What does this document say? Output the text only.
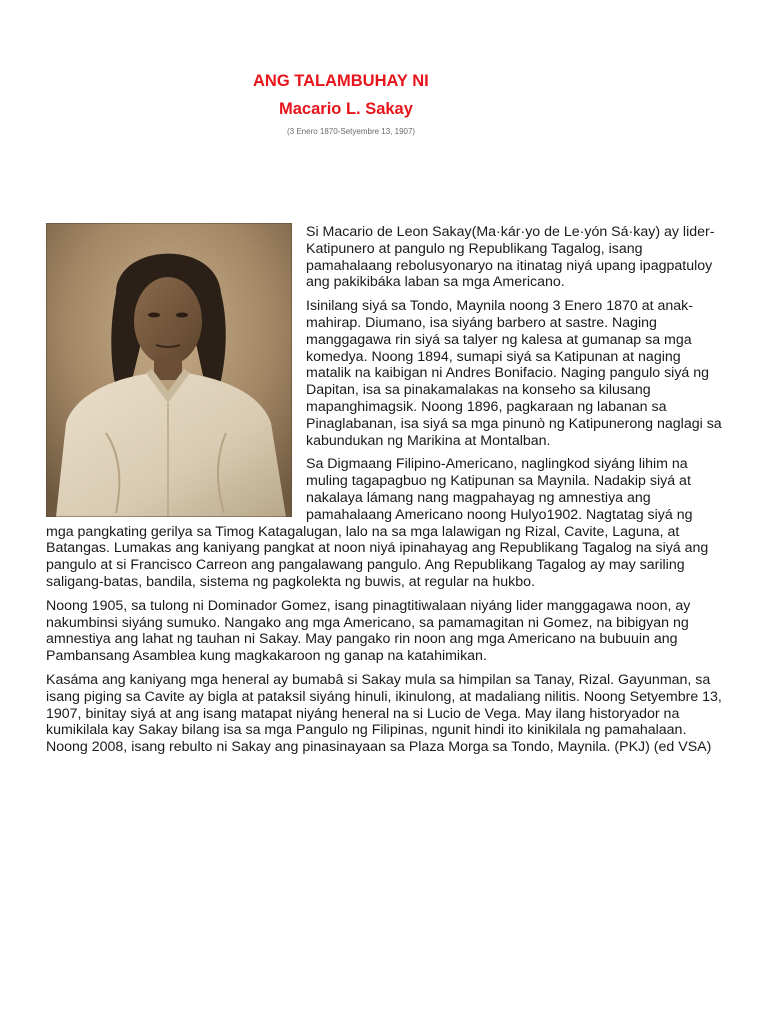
ANG TALAMBUHAY NI
Macario L. Sakay
(3 Enero 1870-Setyembre 13, 1907)

Si Macario de Leon Sakay(Ma·kár·yo de Le·yón Sá·kay) ay lider- Katipunero at pangulo ng Republikang Tagalog, isang pamahalaang rebolusyonaryo na itinatag niyá upang ipagpatuloy ang pakikibáka laban sa mga Americano.

Isinilang siyá sa Tondo, Maynila noong 3 Enero 1870 at anak-mahirap. Diumano, isa siyáng barbero at sastre. Naging manggagawa rin siyá sa talyer ng kalesa at gumanap sa mga komedya. Noong 1894, sumapi siyá sa Katipunan at naging matalik na kaibigan ni Andres Bonifacio. Naging pangulo siyá ng Dapitan, isa sa pinakamalakas na konseho sa kilusang mapanghimagsik. Noong 1896, pagkaraan ng labanan sa Pinaglabanan, isa siyá sa mga pinunò ng Katipunerong naglagi sa kabundukan ng Marikina at Montalban.

Sa Digmaang Filipino-Americano, naglingkod siyáng lihim na muling tagapagbuo ng Katipunan sa Maynila. Nadakip siyá at nakalaya lámang nang magpahayag ng amnestiya ang pamahalaang Americano noong Hulyo1902. Nagtatag siyá ng mga pangkating gerilya sa Timog Katagalugan, lalo na sa mga lalawigan ng Rizal, Cavite, Laguna, at Batangas. Lumakas ang kaniyang pangkat at noon niyá ipinahayag ang Republikang Tagalog na siyá ang pangulo at si Francisco Carreon ang pangalawang pangulo. Ang Republikang Tagalog ay may sariling saligang-batas, bandila, sistema ng pagkolekta ng buwis, at regular na hukbo.

Noong 1905, sa tulong ni Dominador Gomez, isang pinagtitiwalaan niyáng lider manggagawa noon, ay nakumbinsi siyáng sumuko. Nangako ang mga Americano, sa pamamagitan ni Gomez, na bibigyan ng amnestiya ang lahat ng tauhan ni Sakay. May pangako rin noon ang mga Americano na bubuuin ang Pambansang Asamblea kung magkakaroon ng ganap na katahimikan.

Kasáma ang kaniyang mga heneral ay bumabâ si Sakay mula sa himpilan sa Tanay, Rizal. Gayunman, sa isang piging sa Cavite ay bigla at pataksil siyáng hinuli, ikinulong, at madaliang nilitis. Noong Setyembre 13, 1907, binitay siyá at ang isang matapat niyáng heneral na si Lucio de Vega. May ilang historyador na kumikilala kay Sakay bilang isa sa mga Pangulo ng Filipinas, ngunit hindi ito kinikilala ng pamahalaan. Noong 2008, isang rebulto ni Sakay ang pinasinayaan sa Plaza Morga sa Tondo, Maynila. (PKJ) (ed VSA)
